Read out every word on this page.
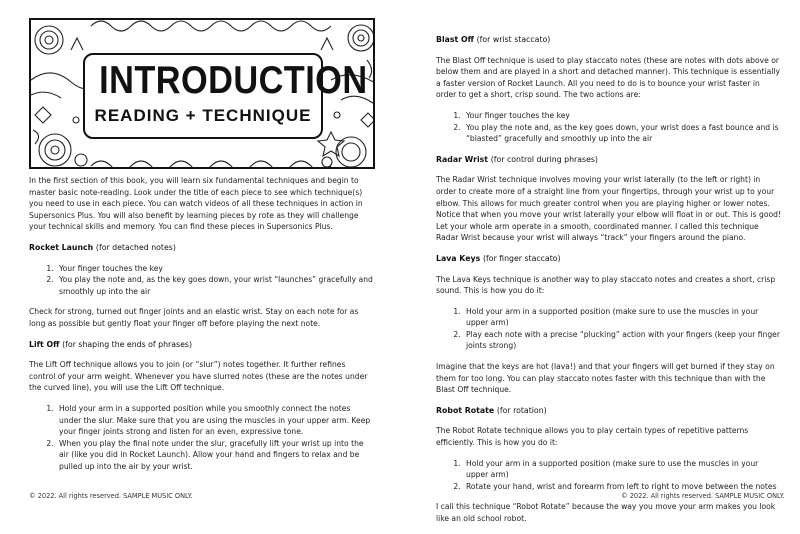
INTRODUCTION
READING + TECHNIQUE

In the first section of this book, you will learn six fundamental techniques and begin to master basic note-reading. Look under the title of each piece to see which technique(s) you need to use in each piece. You can watch videos of all these techniques in action in Supersonics Plus. You will also benefit by learning pieces by rote as they will challenge your technical skills and memory. You can find these pieces in Supersonics Plus.

Rocket Launch (for detached notes)
1. Your finger touches the key
2. You play the note and, as the key goes down, your wrist “launches” gracefully and smoothly up into the air

Check for strong, turned out finger joints and an elastic wrist. Stay on each note for as long as possible but gently float your finger off before playing the next note.

Lift Off (for shaping the ends of phrases)

The Lift Off technique allows you to join (or “slur”) notes together. It further refines control of your arm weight. Whenever you have slurred notes (these are the notes under the curved line), you will use the Lift Off technique.

1. Hold your arm in a supported position while you smoothly connect the notes under the slur. Make sure that you are using the muscles in your upper arm. Keep your finger joints strong and listen for an even, expressive tone.
2. When you play the final note under the slur, gracefully lift your wrist up into the air (like you did in Rocket Launch). Allow your hand and fingers to relax and be pulled up into the air by your wrist.
© 2022. All rights reserved. SAMPLE MUSIC ONLY.
Blast Off (for wrist staccato)

The Blast Off technique is used to play staccato notes (these are notes with dots above or below them and are played in a short and detached manner). This technique is essentially a faster version of Rocket Launch. All you need to do is to bounce your wrist faster in order to get a short, crisp sound. The two actions are:

1. Your finger touches the key
2. You play the note and, as the key goes down, your wrist does a fast bounce and is “blasted” gracefully and smoothly up into the air
Radar Wrist (for control during phrases)

The Radar Wrist technique involves moving your wrist laterally (to the left or right) in order to create more of a straight line from your fingertips, through your wrist up to your elbow. This allows for much greater control when you are playing higher or lower notes. Notice that when you move your wrist laterally your elbow will float in or out. This is good! Let your whole arm operate in a smooth, coordinated manner. I called this technique Radar Wrist because your wrist will always “track” your fingers around the piano.

Lava Keys (for finger staccato)

The Lava Keys technique is another way to play staccato notes and creates a short, crisp sound. This is how you do it:

1. Hold your arm in a supported position (make sure to use the muscles in your upper arm)
2. Play each note with a precise “plucking” action with your fingers (keep your finger joints strong)

Imagine that the keys are hot (lava!) and that your fingers will get burned if they stay on them for too long. You can play staccato notes faster with this technique than with the Blast Off technique.

Robot Rotate (for rotation)

The Robot Rotate technique allows you to play certain types of repetitive patterns efficiently. This is how you do it:

1. Hold your arm in a supported position (make sure to use the muscles in your upper arm)
2. Rotate your hand, wrist and forearm from left to right to move between the notes

I call this technique “Robot Rotate” because the way you move your arm makes you look like an old school robot.

© 2022. All rights reserved. SAMPLE MUSIC ONLY.
